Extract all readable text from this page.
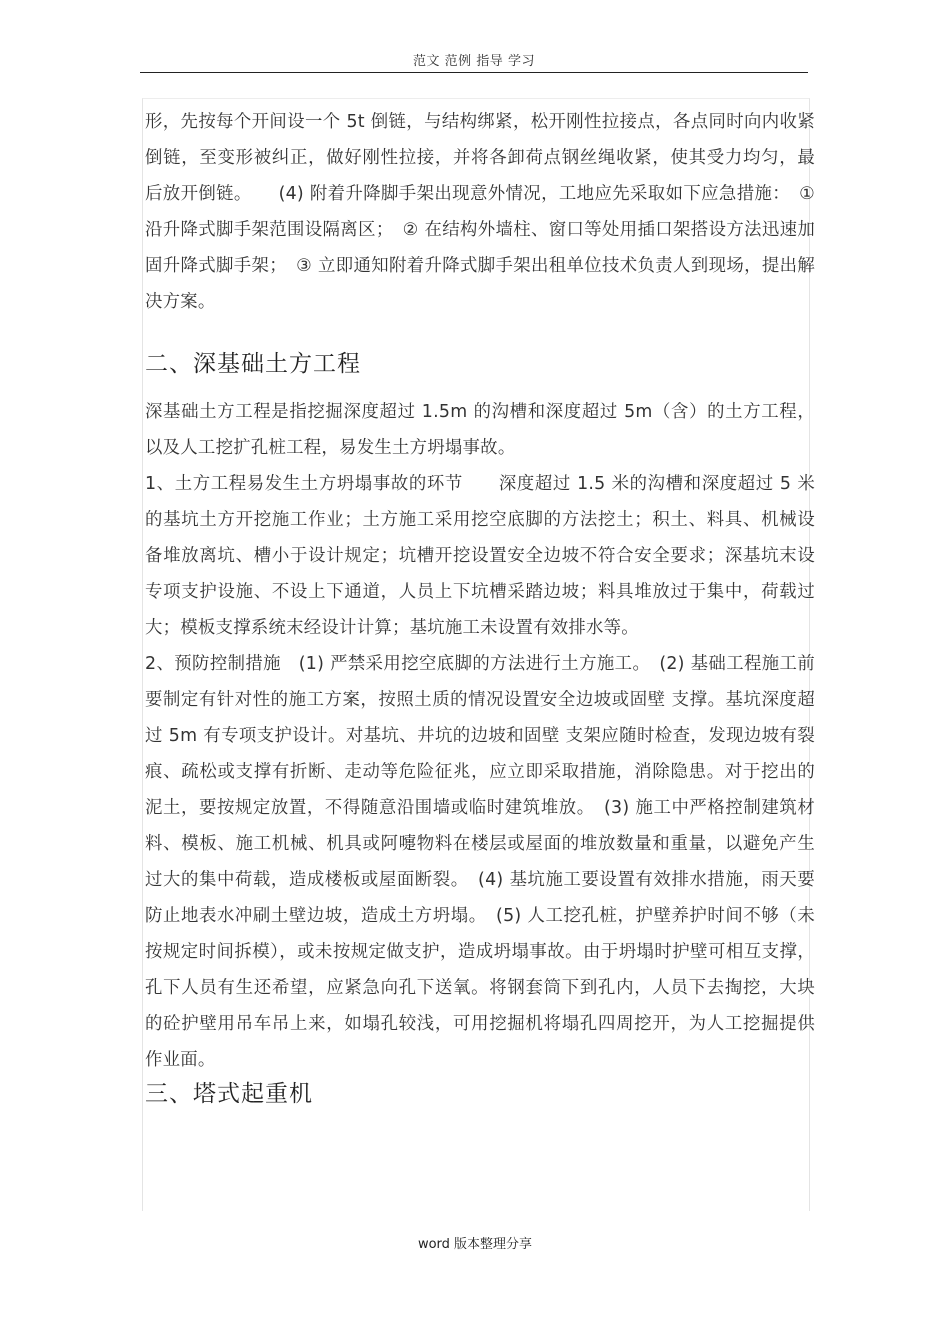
范文 范例 指导 学习

形，先按每个开间设一个 5t 倒链，与结构绑紧，松开刚性拉接点，各点同时向内收紧倒链，至变形被纠正，做好刚性拉接，并将各卸荷点钢丝绳收紧，使其受力均匀，最后放开倒链。　　(4) 附着升降脚手架出现意外情况，工地应先采取如下应急措施：　① 沿升降式脚手架范围设隔离区；　② 在结构外墙柱、窗口等处用插口架搭设方法迅速加固升降式脚手架；　③ 立即通知附着升降式脚手架出租单位技术负责人到现场，提出解决方案。

二、深基础土方工程

深基础土方工程是指挖掘深度超过 1.5m 的沟槽和深度超过 5m（含）的土方工程，以及人工挖扩孔桩工程，易发生土方坍塌事故。

1、土方工程易发生土方坍塌事故的环节　　深度超过 1.5 米的沟槽和深度超过 5 米的基坑土方开挖施工作业；土方施工采用挖空底脚的方法挖土；积土、料具、机械设备堆放离坑、槽小于设计规定；坑槽开挖设置安全边坡不符合安全要求；深基坑末设专项支护设施、不设上下通道，人员上下坑槽采踏边坡；料具堆放过于集中，荷载过大；模板支撑系统末经设计计算；基坑施工未设置有效排水等。

2、预防控制措施　(1) 严禁采用挖空底脚的方法进行土方施工。　(2) 基础工程施工前要制定有针对性的施工方案，按照土质的情况设置安全边坡或固壁 支撑。基坑深度超过 5m 有专项支护设计。对基坑、井坑的边坡和固壁 支架应随时检查，发现边坡有裂痕、疏松或支撑有折断、走动等危险征兆，应立即采取措施，消除隐患。对于挖出的泥土，要按规定放置，不得随意沿围墙或临时建筑堆放。　(3) 施工中严格控制建筑材料、模板、施工机械、机具或阿嚏物料在楼层或屋面的堆放数量和重量，以避免产生过大的集中荷载，造成楼板或屋面断裂。　(4) 基坑施工要设置有效排水措施，雨天要防止地表水冲刷土壁边坡，造成土方坍塌。　(5) 人工挖孔桩，护壁养护时间不够（未按规定时间拆模），或未按规定做支护，造成坍塌事故。由于坍塌时护壁可相互支撑，孔下人员有生还希望，应紧急向孔下送氧。将钢套筒下到孔内，人员下去掏挖，大块的砼护壁用吊车吊上来，如塌孔较浅，可用挖掘机将塌孔四周挖开，为人工挖掘提供作业面。

三、塔式起重机
word 版本整理分享
